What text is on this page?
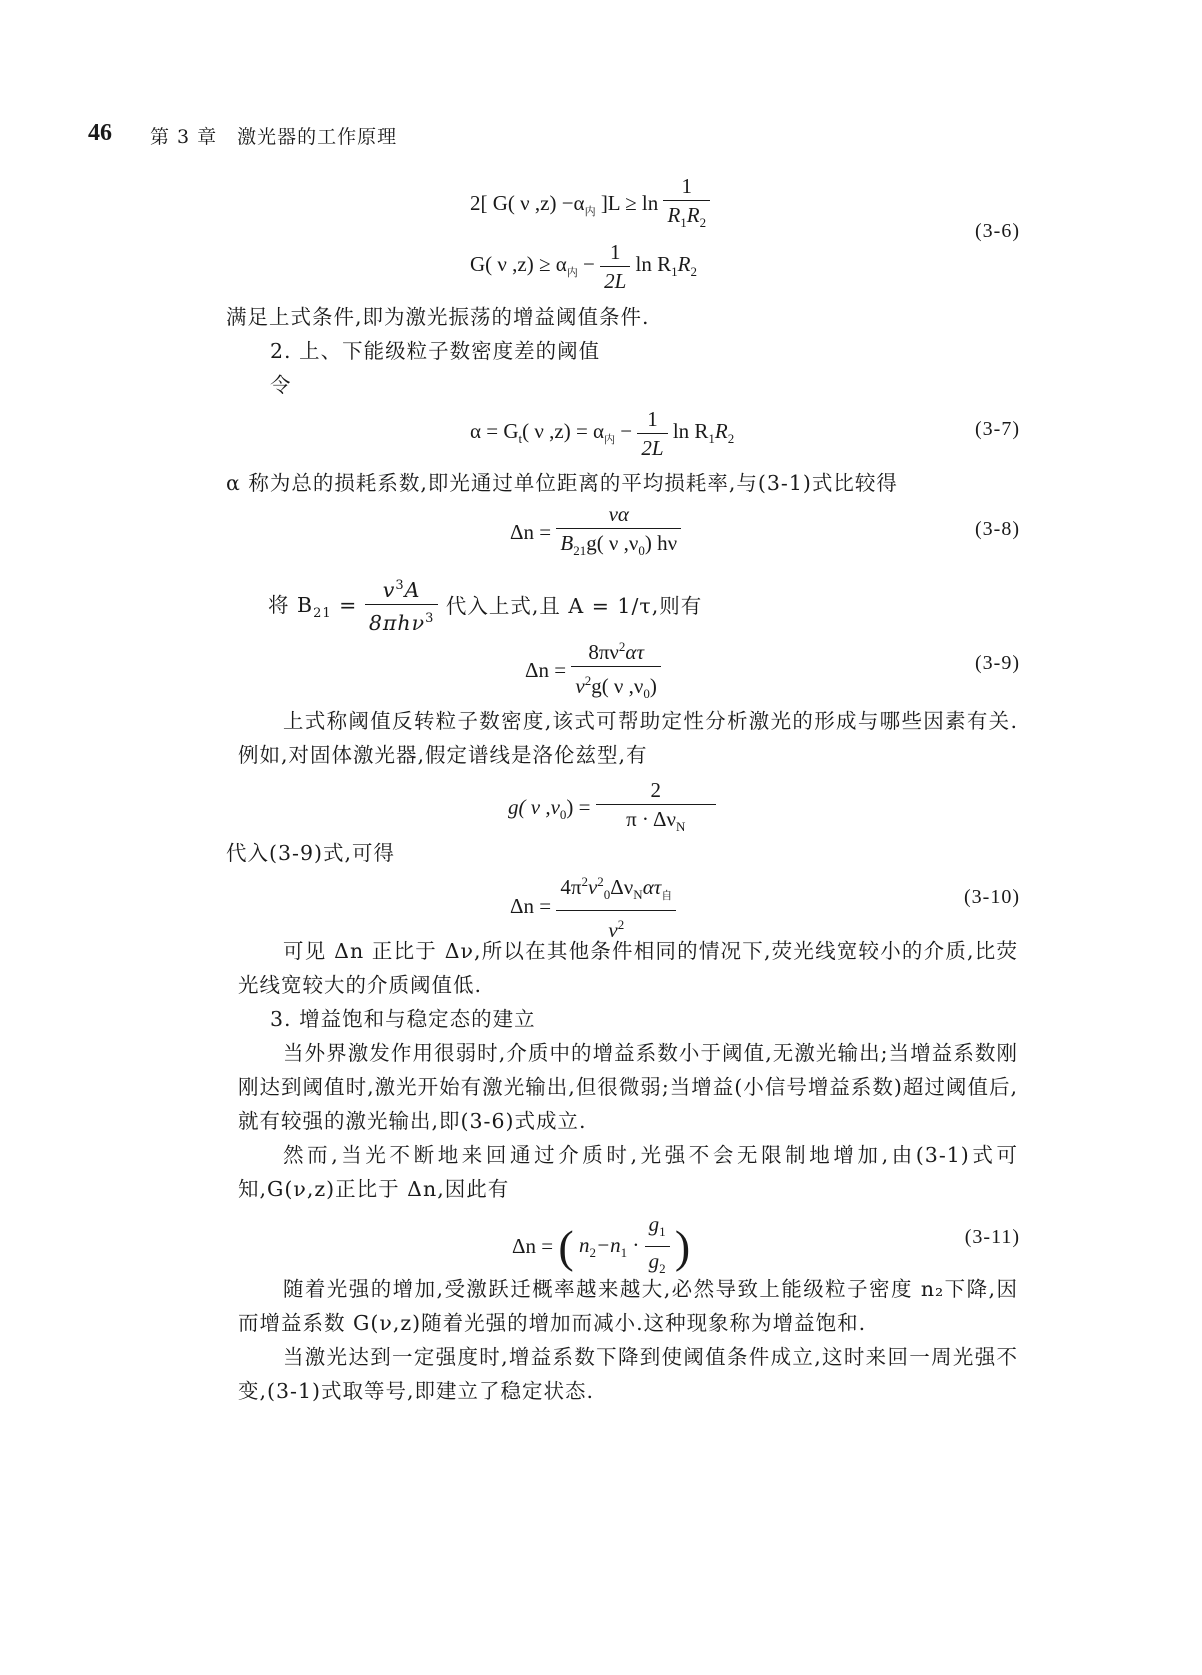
46 第 3 章　激光器的工作原理
2[ G( ν $,z) -\alpha_内$ ]$L \ge \ln \frac{1}{R_1R_2}$
G( ν $,z) \ge \alpha_内 - \frac{1}{2L}$ $\ln R_1R_2$
(3-6)
满足上式条件,即为激光振荡的增益阈值条件.
2. 上、下能级粒子数密度差的阈值
令
$\alpha = G_t$( ν $,z) = \alpha_内 - \frac{1}{2L}$ $\ln R_1R_2$	(3-7)
α 称为总的损耗系数,即光通过单位距离的平均损耗率,与(3-1)式比较得
$\Delta n = \frac{v\alpha}{B_{21}g( \nu ,\nu_0) h\nu}$	(3-8)
将 $B_{21} = \frac{v^3A}{8\pi h\nu^3}$ 代入上式,且 A = 1/τ,则有
$\Delta n = \frac{8\pi\nu^2\alpha\tau}{v^2g( \nu ,\nu_0)}$	(3-9)
上式称阈值反转粒子数密度,该式可帮助定性分析激光的形成与哪些因素有关.例如,对固体激光器,假定谱线是洛伦兹型,有
g( ν $,\nu_0) = \frac{2}{\pi \cdot \Delta\nu_N}$
代入(3-9)式,可得
$\Delta n = \frac{4\pi^2\nu^2_0\Delta\nu_N\alpha\tau_自}{v^2}$	(3-10)
可见 Δn 正比于 Δν,所以在其他条件相同的情况下,荧光线宽较小的介质,比荧光线宽较大的介质阈值低.
3. 增益饱和与稳定态的建立
当外界激发作用很弱时,介质中的增益系数小于阈值,无激光输出;当增益系数刚刚达到阈值时,激光开始有激光输出,但很微弱;当增益(小信号增益系数)超过阈值后,就有较强的激光输出,即(3-6)式成立.
然而,当光不断地来回通过介质时,光强不会无限制地增加,由(3-1)式可知,G(ν,z)正比于 Δn,因此有
Δn = ( $n_2-n_1 \cdot \frac{g_1}{g_2}$ )	(3-11)
随着光强的增加,受激跃迁概率越来越大,必然导致上能级粒子密度 n₂下降,因而增益系数 G(ν,z)随着光强的增加而减小.这种现象称为增益饱和.
当激光达到一定强度时,增益系数下降到使阈值条件成立,这时来回一周光强不变,(3-1)式取等号,即建立了稳定状态.
